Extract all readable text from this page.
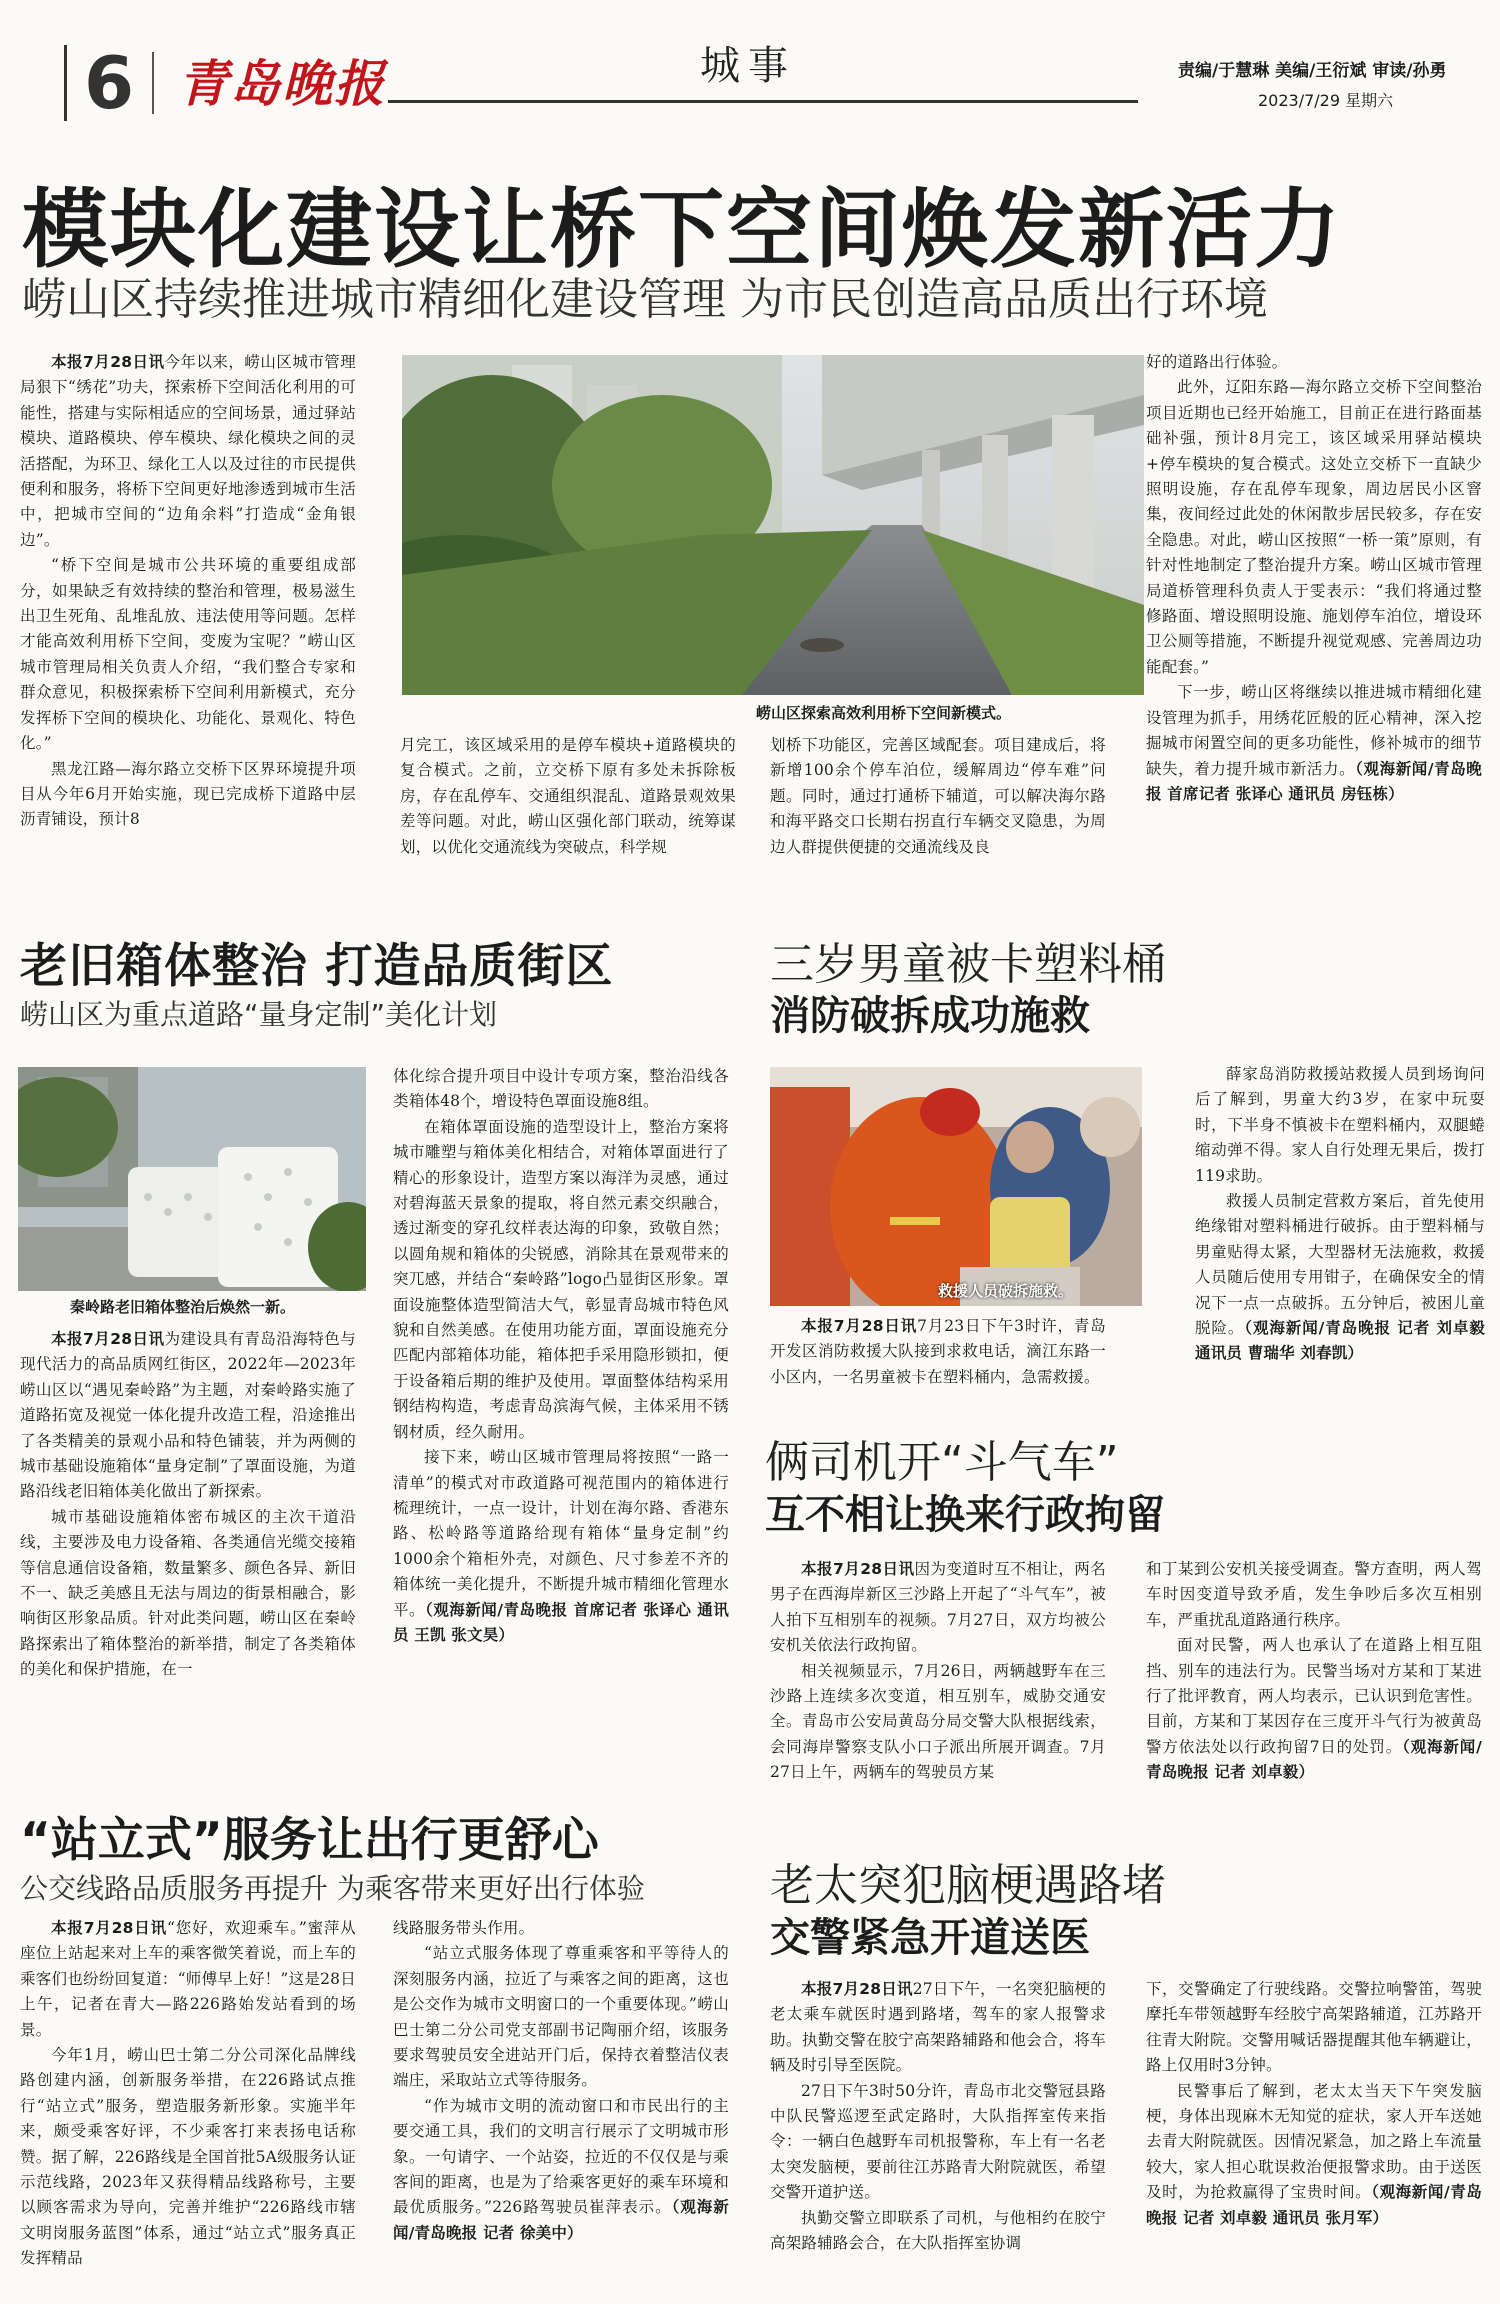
6 青岛晚报	城事	责编/于慧琳 美编/王衍斌 审读/孙勇
2023/7/29 星期六
模块化建设让桥下空间焕发新活力
崂山区持续推进城市精细化建设管理 为市民创造高品质出行环境

本报7月28日讯今年以来，崂山区城市管理局狠下“绣花”功夫，探索桥下空间活化利用的可能性，搭建与实际相适应的空间场景，通过驿站模块、道路模块、停车模块、绿化模块之间的灵活搭配，为环卫、绿化工人以及过往的市民提供便利和服务，将桥下空间更好地渗透到城市生活中，把城市空间的“边角余料”打造成“金角银边”。

“桥下空间是城市公共环境的重要组成部分，如果缺乏有效持续的整治和管理，极易滋生出卫生死角、乱堆乱放、违法使用等问题。怎样才能高效利用桥下空间，变废为宝呢？”崂山区城市管理局相关负责人介绍，“我们整合专家和群众意见，积极探索桥下空间利用新模式，充分发挥桥下空间的模块化、功能化、景观化、特色化。”

黑龙江路—海尔路立交桥下区界环境提升项目从今年6月开始实施，现已完成桥下道路中层沥青铺设，预计8

崂山区探索高效利用桥下空间新模式。

月完工，该区域采用的是停车模块+道路模块的复合模式。之前，立交桥下原有多处未拆除板房，存在乱停车、交通组织混乱、道路景观效果差等问题。对此，崂山区强化部门联动，统筹谋划，以优化交通流线为突破点，科学规

划桥下功能区，完善区域配套。项目建成后，将新增100余个停车泊位，缓解周边“停车难”问题。同时，通过打通桥下辅道，可以解决海尔路和海平路交口长期右拐直行车辆交叉隐患，为周边人群提供便捷的交通流线及良

好的道路出行体验。

此外，辽阳东路—海尔路立交桥下空间整治项目近期也已经开始施工，目前正在进行路面基础补强，预计8月完工，该区域采用驿站模块+停车模块的复合模式。这处立交桥下一直缺少照明设施，存在乱停车现象，周边居民小区窨集，夜间经过此处的休闲散步居民较多，存在安全隐患。对此，崂山区按照“一桥一策”原则，有针对性地制定了整治提升方案。崂山区城市管理局道桥管理科负责人于雯表示：“我们将通过整修路面、增设照明设施、施划停车泊位，增设环卫公厕等措施，不断提升视觉观感、完善周边功能配套。”

下一步，崂山区将继续以推进城市精细化建设管理为抓手，用绣花匠般的匠心精神，深入挖掘城市闲置空间的更多功能性，修补城市的细节缺失，着力提升城市新活力。（观海新闻/青岛晚报 首席记者 张译心 通讯员 房钰栋）

老旧箱体整治 打造品质街区
崂山区为重点道路“量身定制”美化计划
秦岭路老旧箱体整治后焕然一新。

本报7月28日讯为建设具有青岛沿海特色与现代活力的高品质网红街区，2022年—2023年崂山区以“遇见秦岭路”为主题，对秦岭路实施了道路拓宽及视觉一体化提升改造工程，沿途推出了各类精美的景观小品和特色铺装，并为两侧的城市基础设施箱体“量身定制”了罩面设施，为道路沿线老旧箱体美化做出了新探索。

城市基础设施箱体密布城区的主次干道沿线，主要涉及电力设备箱、各类通信光缆交接箱等信息通信设备箱，数量繁多、颜色各异、新旧不一、缺乏美感且无法与周边的街景相融合，影响街区形象品质。针对此类问题，崂山区在秦岭路探索出了箱体整治的新举措，制定了各类箱体的美化和保护措施，在一

体化综合提升项目中设计专项方案，整治沿线各类箱体48个，增设特色罩面设施8组。

在箱体罩面设施的造型设计上，整治方案将城市雕塑与箱体美化相结合，对箱体罩面进行了精心的形象设计，造型方案以海洋为灵感，通过对碧海蓝天景象的提取，将自然元素交织融合，透过渐变的穿孔纹样表达海的印象，致敬自然；以圆角规和箱体的尖锐感，消除其在景观带来的突兀感，并结合“秦岭路”logo凸显街区形象。罩面设施整体造型简洁大气，彰显青岛城市特色风貌和自然美感。在使用功能方面，罩面设施充分匹配内部箱体功能，箱体把手采用隐形锁扣，便于设备箱后期的维护及使用。罩面整体结构采用钢结构构造，考虑青岛滨海气候，主体采用不锈钢材质，经久耐用。

接下来，崂山区城市管理局将按照“一路一清单”的模式对市政道路可视范围内的箱体进行梳理统计，一点一设计，计划在海尔路、香港东路、松岭路等道路给现有箱体“量身定制”约1000余个箱柜外壳，对颜色、尺寸参差不齐的箱体统一美化提升，不断提升城市精细化管理水平。（观海新闻/青岛晚报 首席记者 张译心 通讯员 王凯 张文昊）

“站立式”服务让出行更舒心
公交线路品质服务再提升 为乘客带来更好出行体验

本报7月28日讯“您好，欢迎乘车。”蜜萍从座位上站起来对上车的乘客微笑着说，而上车的乘客们也纷纷回复道：“师傅早上好！”这是28日上午，记者在青大—路226路始发站看到的场景。

今年1月，崂山巴士第二分公司深化品牌线路创建内涵，创新服务举措，在226路试点推行“站立式”服务，塑造服务新形象。实施半年来，颇受乘客好评，不少乘客打来表扬电话称赞。据了解，226路线是全国首批5A级服务认证示范线路，2023年又获得精品线路称号，主要以顾客需求为导向，完善并维护“226路线市辖文明岗服务蓝图”体系，通过“站立式”服务真正发挥精品

线路服务带头作用。

“站立式服务体现了尊重乘客和平等待人的深刻服务内涵，拉近了与乘客之间的距离，这也是公交作为城市文明窗口的一个重要体现。”崂山巴士第二分公司党支部副书记陶丽介绍，该服务要求驾驶员安全进站开门后，保持衣着整洁仪表端庄，采取站立式等待服务。

“作为城市文明的流动窗口和市民出行的主要交通工具，我们的文明言行展示了文明城市形象。一句请字、一个站姿，拉近的不仅仅是与乘客间的距离，也是为了给乘客更好的乘车环境和最优质服务。”226路驾驶员崔萍表示。（观海新闻/青岛晚报 记者 徐美中）

三岁男童被卡塑料桶
消防破拆成功施救
救援人员破拆施救。

本报7月28日讯7月23日下午3时许，青岛开发区消防救援大队接到求救电话，滴江东路一小区内，一名男童被卡在塑料桶内，急需救援。

薛家岛消防救援站救援人员到场询问后了解到，男童大约3岁，在家中玩耍时，下半身不慎被卡在塑料桶内，双腿蜷缩动弹不得。家人自行处理无果后，拨打119求助。

救援人员制定营救方案后，首先使用绝缘钳对塑料桶进行破拆。由于塑料桶与男童贴得太紧，大型器材无法施救，救援人员随后使用专用钳子，在确保安全的情况下一点一点破拆。五分钟后，被困儿童脱险。（观海新闻/青岛晚报 记者 刘卓毅 通讯员 曹瑞华 刘春凯）

俩司机开“斗气车”
互不相让换来行政拘留

本报7月28日讯因为变道时互不相让，两名男子在西海岸新区三沙路上开起了“斗气车”，被人拍下互相别车的视频。7月27日，双方均被公安机关依法行政拘留。

相关视频显示，7月26日，两辆越野车在三沙路上连续多次变道，相互别车，威胁交通安全。青岛市公安局黄岛分局交警大队根据线索，会同海岸警察支队小口子派出所展开调查。7月27日上午，两辆车的驾驶员方某

和丁某到公安机关接受调查。警方查明，两人驾车时因变道导致矛盾，发生争吵后多次互相别车，严重扰乱道路通行秩序。

面对民警，两人也承认了在道路上相互阻挡、别车的违法行为。民警当场对方某和丁某进行了批评教育，两人均表示，已认识到危害性。目前，方某和丁某因存在三度开斗气行为被黄岛警方依法处以行政拘留7日的处罚。（观海新闻/青岛晚报 记者 刘卓毅）

老太突犯脑梗遇路堵
交警紧急开道送医

本报7月28日讯27日下午，一名突犯脑梗的老太乘车就医时遇到路堵，驾车的家人报警求助。执勤交警在胶宁高架路辅路和他会合，将车辆及时引导至医院。

27日下午3时50分许，青岛市北交警冠县路中队民警巡逻至武定路时，大队指挥室传来指令：一辆白色越野车司机报警称，车上有一名老太突发脑梗，要前往江苏路青大附院就医，希望交警开道护送。

执勤交警立即联系了司机，与他相约在胶宁高架路辅路会合，在大队指挥室协调

下，交警确定了行驶线路。交警拉响警笛，驾驶摩托车带领越野车经胶宁高架路辅道，江苏路开往青大附院。交警用喊话器提醒其他车辆避让，路上仅用时3分钟。

民警事后了解到，老太太当天下午突发脑梗，身体出现麻木无知觉的症状，家人开车送她去青大附院就医。因情况紧急，加之路上车流量较大，家人担心耽误救治便报警求助。由于送医及时，为抢救赢得了宝贵时间。（观海新闻/青岛晚报 记者 刘卓毅 通讯员 张月军）
